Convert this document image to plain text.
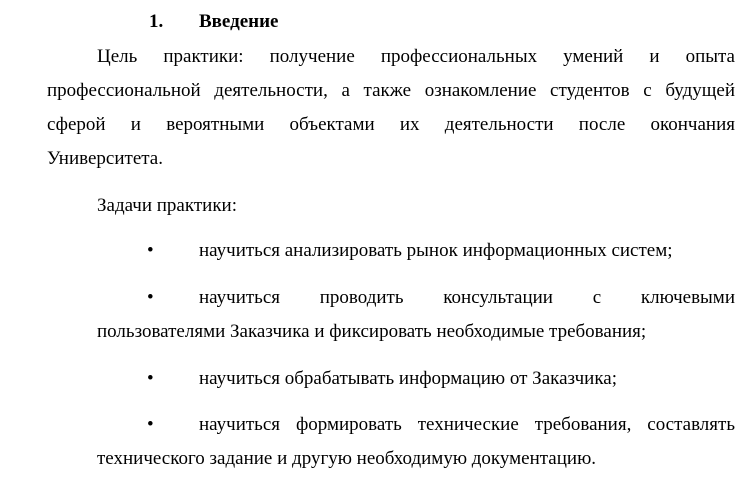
1. Введение
Цель практики: получение профессиональных умений и опыта
профессиональной деятельности, а также ознакомление студентов с будущей
сферой и вероятными объектами их деятельности после окончания
Университета.
Задачи практики:
• научиться анализировать рынок информационных систем;
• научиться проводить консультации с ключевыми
пользователями Заказчика и фиксировать необходимые требования;
• научиться обрабатывать информацию от Заказчика;
• научиться формировать технические требования, составлять
технического задание и другую необходимую документацию.
